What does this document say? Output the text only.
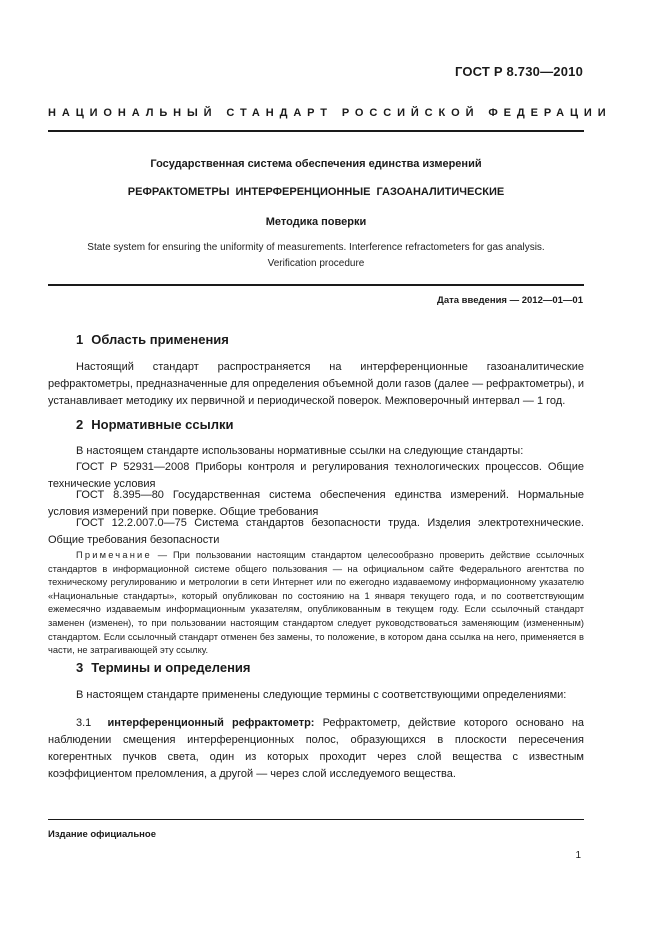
ГОСТ Р 8.730—2010
НАЦИОНАЛЬНЫЙ СТАНДАРТ РОССИЙСКОЙ ФЕДЕРАЦИИ
Государственная система обеспечения единства измерений
РЕФРАКТОМЕТРЫ ИНТЕРФЕРЕНЦИОННЫЕ ГАЗОАНАЛИТИЧЕСКИЕ
Методика поверки
State system for ensuring the uniformity of measurements. Interference refractometers for gas analysis.
Verification procedure
Дата введения — 2012—01—01
1 Область применения
Настоящий стандарт распространяется на интерференционные газоаналитические рефрактометры, предназначенные для определения объемной доли газов (далее — рефрактометры), и устанавливает методику их первичной и периодической поверок. Межповерочный интервал — 1 год.
2 Нормативные ссылки
В настоящем стандарте использованы нормативные ссылки на следующие стандарты:
ГОСТ Р 52931—2008 Приборы контроля и регулирования технологических процессов. Общие технические условия
ГОСТ 8.395—80 Государственная система обеспечения единства измерений. Нормальные условия измерений при поверке. Общие требования
ГОСТ 12.2.007.0—75 Система стандартов безопасности труда. Изделия электротехнические. Общие требования безопасности
Примечание — При пользовании настоящим стандартом целесообразно проверить действие ссылочных стандартов в информационной системе общего пользования — на официальном сайте Федерального агентства по техническому регулированию и метрологии в сети Интернет или по ежегодно издаваемому информационному указателю «Национальные стандарты», который опубликован по состоянию на 1 января текущего года, и по соответствующим ежемесячно издаваемым информационным указателям, опубликованным в текущем году. Если ссылочный стандарт заменен (изменен), то при пользовании настоящим стандартом следует руководствоваться заменяющим (измененным) стандартом. Если ссылочный стандарт отменен без замены, то положение, в котором дана ссылка на него, применяется в части, не затрагивающей эту ссылку.
3 Термины и определения
В настоящем стандарте применены следующие термины с соответствующими определениями:
3.1 интерференционный рефрактометр: Рефрактометр, действие которого основано на наблюдении смещения интерференционных полос, образующихся в плоскости пересечения когерентных пучков света, один из которых проходит через слой вещества с известным коэффициентом преломления, а другой — через слой исследуемого вещества.
Издание официальное
1
